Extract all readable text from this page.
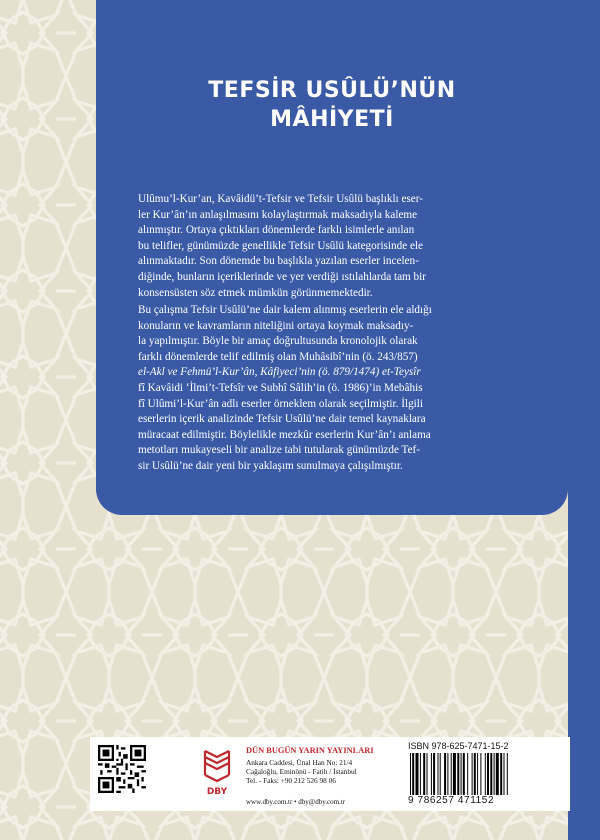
TEFSİR USÛLÜ’NÜN
MÂHİYETİ
Ulûmu’l-Kur’an, Kavâidü’t-Tefsir ve Tefsir Usûlü başlıklı eser-
ler Kur’ân’ın anlaşılmasını kolaylaştırmak maksadıyla kaleme
alınmıştır. Ortaya çıktıkları dönemlerde farklı isimlerle anılan
bu telifler, günümüzde genellikle Tefsir Usûlü kategorisinde ele
alınmaktadır. Son dönemde bu başlıkla yazılan eserler incelen-
diğinde, bunların içeriklerinde ve yer verdiği ıstılahlarda tam bir
konsensüsten söz etmek mümkün görünmemektedir.
Bu çalışma Tefsir Usûlü’ne dair kalem alınmış eserlerin ele aldığı
konuların ve kavramların niteliğini ortaya koymak maksadıy-
la yapılmıştır. Böyle bir amaç doğrultusunda kronolojik olarak
farklı dönemlerde telif edilmiş olan Muhâsibî’nin (ö. 243/857)
el-Akl ve Fehmü’l-Kur’ân, Kâfiyeci’nin (ö. 879/1474) et-Teysîr
fî Kavâidi ‘İlmi’t-Tefsîr ve Subhî Sâlih’in (ö. 1986)’in Mebâhis
fî Ulûmi’l-Kur’ân adlı eserler örneklem olarak seçilmiştir. İlgili
eserlerin içerik analizinde Tefsir Usûlü’ne dair temel kaynaklara
müracaat edilmiştir. Böylelikle mezkûr eserlerin Kur’ân’ı anlama
metotları mukayeseli bir analize tabi tutularak günümüzde Tef-
sir Usûlü’ne dair yeni bir yaklaşım sunulmaya çalışılmıştır.
DBY
DÜN BUGÜN YARIN YAYINLARI
Ankara Caddesi, Ünal Han No: 21/4
Cağaloğlu, Eminönü - Fatih / İstanbul
Tel. - Faks: +90 212 526 98 06
www.dby.com.tr • dby@dby.com.tr
ISBN 978-625-7471-15-2
9 786257 471152
